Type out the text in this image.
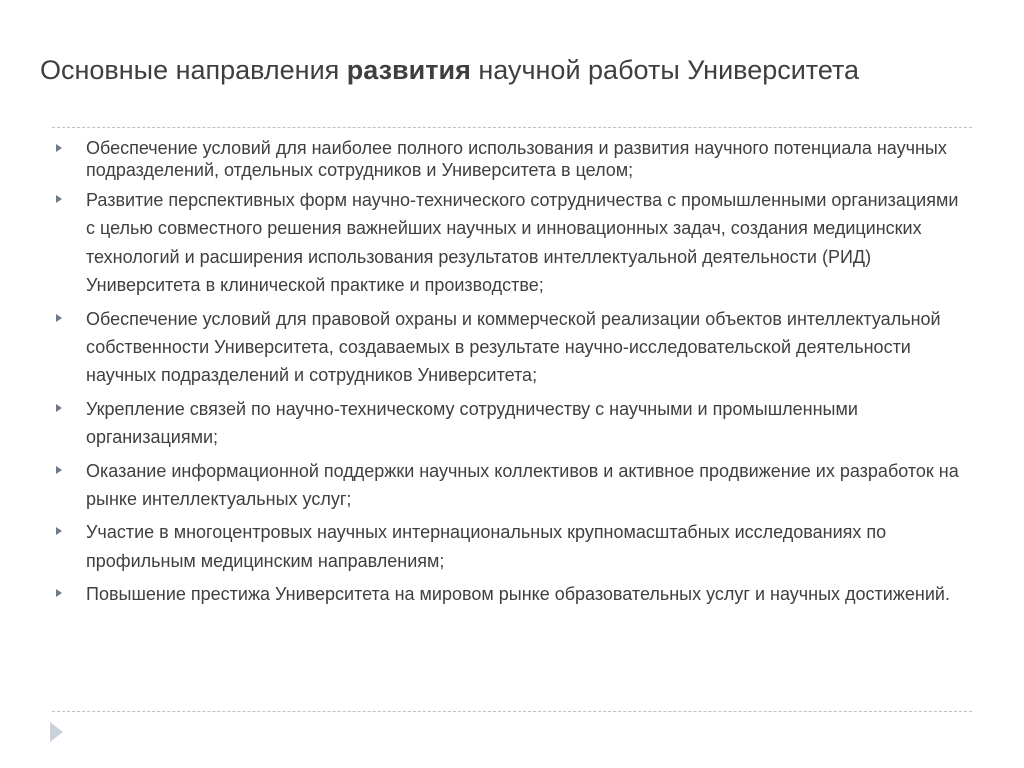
Основные направления развития научной работы Университета
Обеспечение условий для наиболее полного использования и развития научного потенциала научных подразделений, отдельных сотрудников и Университета в целом;
Развитие перспективных форм научно-технического сотрудничества с промышленными организациями с целью совместного решения важнейших научных и инновационных задач, создания медицинских технологий и расширения использования результатов интеллектуальной деятельности (РИД) Университета в клинической практике и производстве;
Обеспечение условий для правовой охраны и коммерческой реализации объектов интеллектуальной собственности Университета, создаваемых в результате научно-исследовательской деятельности научных подразделений и сотрудников Университета;
Укрепление связей по научно-техническому сотрудничеству с научными и промышленными организациями;
Оказание информационной поддержки научных коллективов и активное продвижение их разработок на рынке интеллектуальных услуг;
Участие в многоцентровых научных интернациональных крупномасштабных исследованиях по профильным медицинским направлениям;
Повышение престижа Университета на мировом рынке образовательных услуг и научных достижений.
